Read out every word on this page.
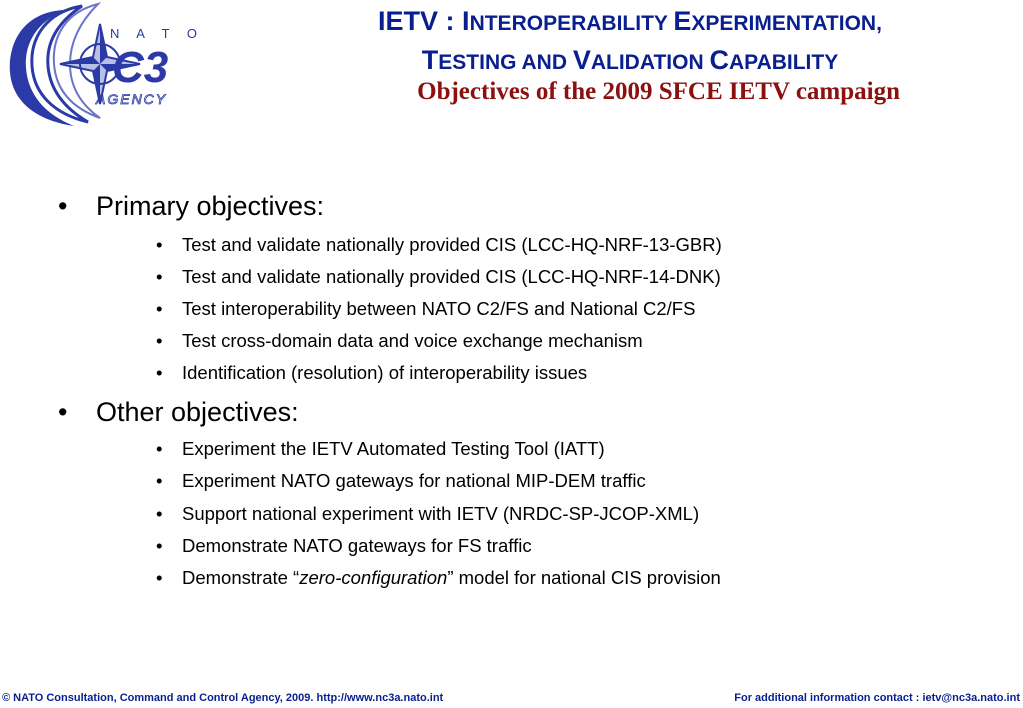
N A T O
C3
AGENCY
IETV : INTEROPERABILITY EXPERIMENTATION,
TESTING AND VALIDATION CAPABILITY
Objectives of the 2009 SFCE IETV campaign
• Primary objectives:
• Test and validate nationally provided CIS (LCC-HQ-NRF-13-GBR)
• Test and validate nationally provided CIS (LCC-HQ-NRF-14-DNK)
• Test interoperability between NATO C2/FS and National C2/FS
• Test cross-domain data and voice exchange mechanism
• Identification (resolution) of interoperability issues
• Other objectives:
• Experiment the IETV Automated Testing Tool (IATT)
• Experiment NATO gateways for national MIP-DEM traffic
• Support national experiment with IETV (NRDC-SP-JCOP-XML)
• Demonstrate NATO gateways for FS traffic
• Demonstrate “zero-configuration” model for national CIS provision
© NATO Consultation, Command and Control Agency, 2009. http://www.nc3a.nato.int	For additional information contact : ietv@nc3a.nato.int
